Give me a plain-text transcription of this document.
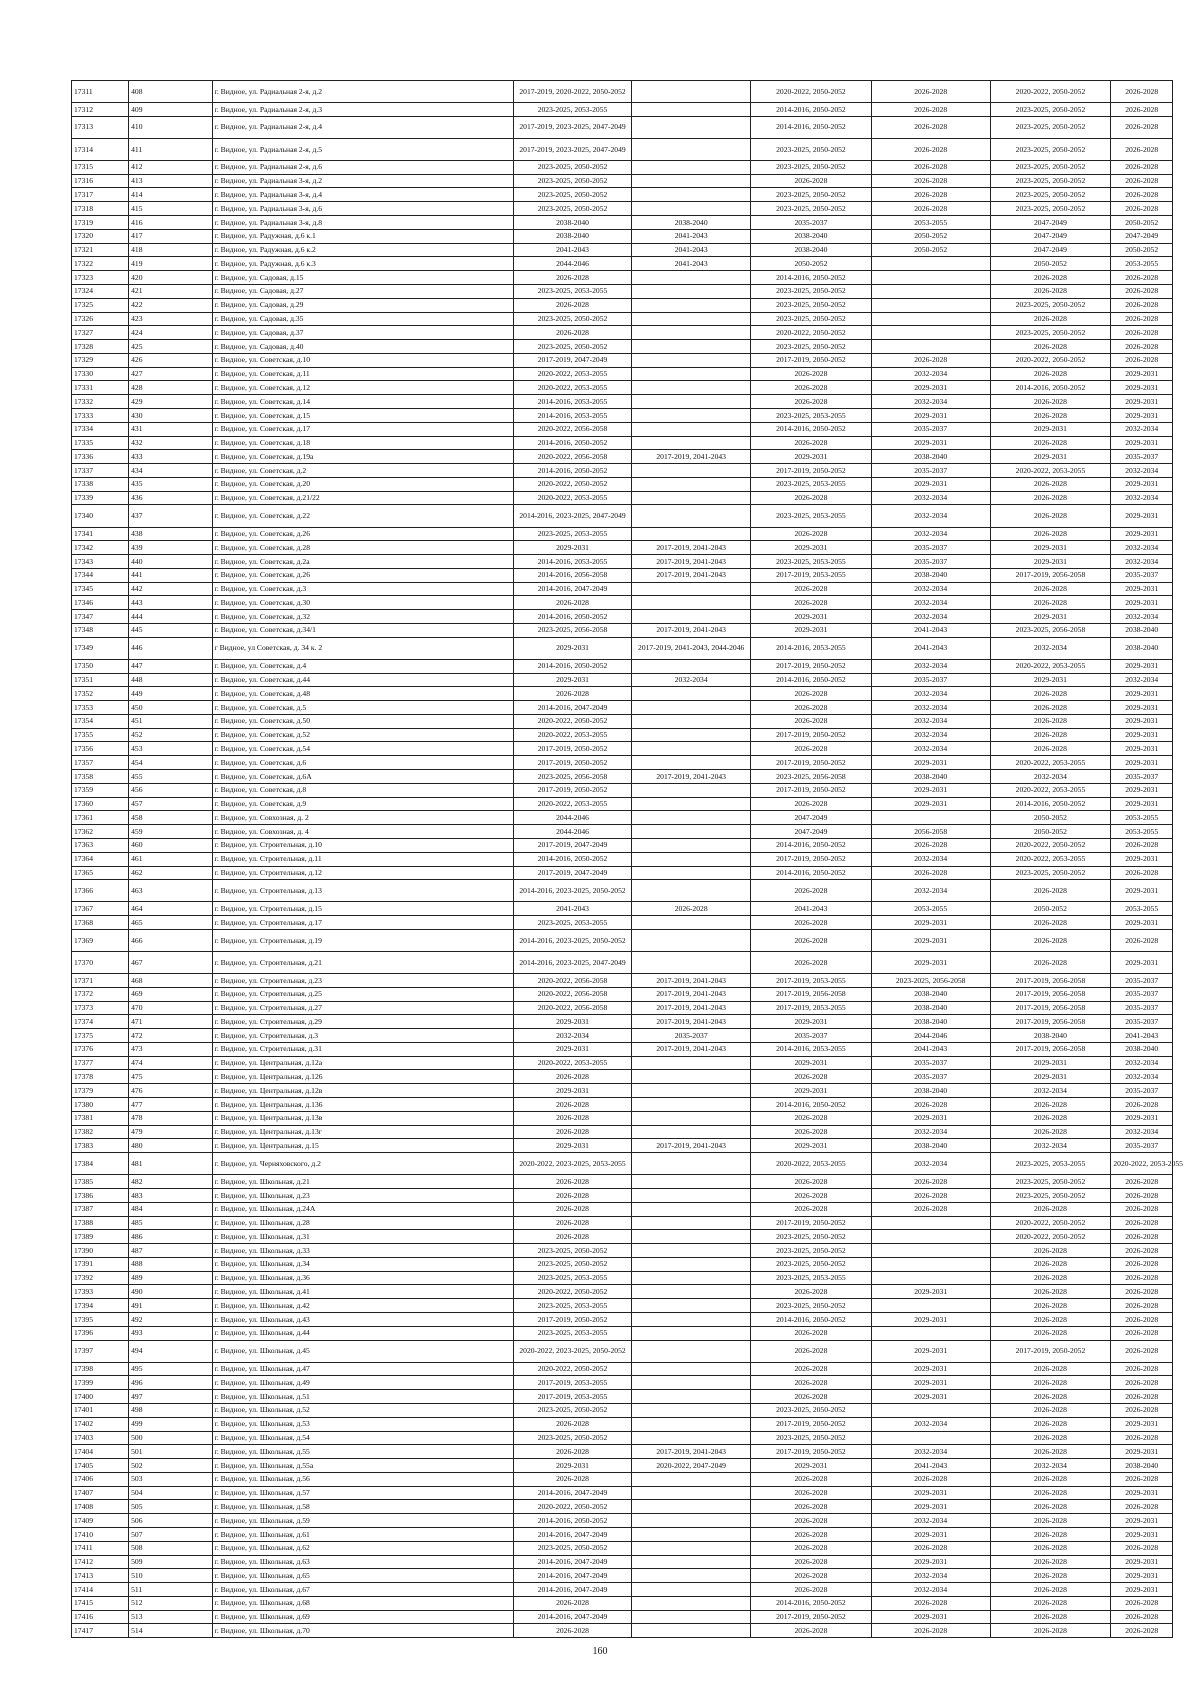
17311	408	г. Видное, ул. Радиальная 2-я, д.2	2017-2019, 2020-2022, 2050-2052		2020-2022, 2050-2052	2026-2028	2020-2022, 2050-2052	2026-2028
17312	409	г. Видное, ул. Радиальная 2-я, д.3	2023-2025, 2053-2055		2014-2016, 2050-2052	2026-2028	2023-2025, 2050-2052	2026-2028
17313	410	г. Видное, ул. Радиальная 2-я, д.4	2017-2019, 2023-2025, 2047-2049		2014-2016, 2050-2052	2026-2028	2023-2025, 2050-2052	2026-2028
17314	411	г. Видное, ул. Радиальная 2-я, д.5	2017-2019, 2023-2025, 2047-2049		2023-2025, 2050-2052	2026-2028	2023-2025, 2050-2052	2026-2028
17315	412	г. Видное, ул. Радиальная 2-я, д.6	2023-2025, 2050-2052		2023-2025, 2050-2052	2026-2028	2023-2025, 2050-2052	2026-2028
17316	413	г. Видное, ул. Радиальная 3-я, д.2	2023-2025, 2050-2052		2026-2028	2026-2028	2023-2025, 2050-2052	2026-2028
17317	414	г. Видное, ул. Радиальная 3-я, д.4	2023-2025, 2050-2052		2023-2025, 2050-2052	2026-2028	2023-2025, 2050-2052	2026-2028
17318	415	г. Видное, ул. Радиальная 3-я, д.6	2023-2025, 2050-2052		2023-2025, 2050-2052	2026-2028	2023-2025, 2050-2052	2026-2028
17319	416	г. Видное, ул. Радиальная 3-я, д.8	2038-2040	2038-2040	2035-2037	2053-2055	2047-2049	2050-2052
17320	417	г. Видное, ул. Радужная, д.6 к.1	2038-2040	2041-2043	2038-2040	2050-2052	2047-2049	2047-2049
17321	418	г. Видное, ул. Радужная, д.6 к.2	2041-2043	2041-2043	2038-2040	2050-2052	2047-2049	2050-2052
17322	419	г. Видное, ул. Радужная, д.6 к.3	2044-2046	2041-2043	2050-2052		2050-2052	2053-2055
17323	420	г. Видное, ул. Садовая, д.15	2026-2028		2014-2016, 2050-2052		2026-2028	2026-2028
17324	421	г. Видное, ул. Садовая, д.27	2023-2025, 2053-2055		2023-2025, 2050-2052		2026-2028	2026-2028
17325	422	г. Видное, ул. Садовая, д.29	2026-2028		2023-2025, 2050-2052		2023-2025, 2050-2052	2026-2028
17326	423	г. Видное, ул. Садовая, д.35	2023-2025, 2050-2052		2023-2025, 2050-2052		2026-2028	2026-2028
17327	424	г. Видное, ул. Садовая, д.37	2026-2028		2020-2022, 2050-2052		2023-2025, 2050-2052	2026-2028
17328	425	г. Видное, ул. Садовая, д.40	2023-2025, 2050-2052		2023-2025, 2050-2052		2026-2028	2026-2028
17329	426	г. Видное, ул. Советская, д.10	2017-2019, 2047-2049		2017-2019, 2050-2052	2026-2028	2020-2022, 2050-2052	2026-2028
17330	427	г. Видное, ул. Советская, д.11	2020-2022, 2053-2055		2026-2028	2032-2034	2026-2028	2029-2031
17331	428	г. Видное, ул. Советская, д.12	2020-2022, 2053-2055		2026-2028	2029-2031	2014-2016, 2050-2052	2029-2031
17332	429	г. Видное, ул. Советская, д.14	2014-2016, 2053-2055		2026-2028	2032-2034	2026-2028	2029-2031
17333	430	г. Видное, ул. Советская, д.15	2014-2016, 2053-2055		2023-2025, 2053-2055	2029-2031	2026-2028	2029-2031
17334	431	г. Видное, ул. Советская, д.17	2020-2022, 2056-2058		2014-2016, 2050-2052	2035-2037	2029-2031	2032-2034
17335	432	г. Видное, ул. Советская, д.18	2014-2016, 2050-2052		2026-2028	2029-2031	2026-2028	2029-2031
17336	433	г. Видное, ул. Советская, д.19а	2020-2022, 2056-2058	2017-2019, 2041-2043	2029-2031	2038-2040	2029-2031	2035-2037
17337	434	г. Видное, ул. Советская, д.2	2014-2016, 2050-2052		2017-2019, 2050-2052	2035-2037	2020-2022, 2053-2055	2032-2034
17338	435	г. Видное, ул. Советская, д.20	2020-2022, 2050-2052		2023-2025, 2053-2055	2029-2031	2026-2028	2029-2031
17339	436	г. Видное, ул. Советская, д.21/22	2020-2022, 2053-2055		2026-2028	2032-2034	2026-2028	2032-2034
17340	437	г. Видное, ул. Советская, д.22	2014-2016, 2023-2025, 2047-2049		2023-2025, 2053-2055	2032-2034	2026-2028	2029-2031
17341	438	г. Видное, ул. Советская, д.26	2023-2025, 2053-2055		2026-2028	2032-2034	2026-2028	2029-2031
17342	439	г. Видное, ул. Советская, д.28	2029-2031	2017-2019, 2041-2043	2029-2031	2035-2037	2029-2031	2032-2034
17343	440	г. Видное, ул. Советская, д.2а	2014-2016, 2053-2055	2017-2019, 2041-2043	2023-2025, 2053-2055	2035-2037	2029-2031	2032-2034
17344	441	г. Видное, ул. Советская, д.26	2014-2016, 2056-2058	2017-2019, 2041-2043	2017-2019, 2053-2055	2038-2040	2017-2019, 2056-2058	2035-2037
17345	442	г. Видное, ул. Советская, д.3	2014-2016, 2047-2049		2026-2028	2032-2034	2026-2028	2029-2031
17346	443	г. Видное, ул. Советская, д.30	2026-2028		2026-2028	2032-2034	2026-2028	2029-2031
17347	444	г. Видное, ул. Советская, д.32	2014-2016, 2050-2052		2029-2031	2032-2034	2029-2031	2032-2034
17348	445	г. Видное, ул. Советская, д.34/1	2023-2025, 2056-2058	2017-2019, 2041-2043	2029-2031	2041-2043	2023-2025, 2056-2058	2038-2040
17349	446	г Видное, ул Советская, д. 34 к. 2	2029-2031	2017-2019, 2041-2043, 2044-2046	2014-2016, 2053-2055	2041-2043	2032-2034	2038-2040
17350	447	г. Видное, ул. Советская, д.4	2014-2016, 2050-2052		2017-2019, 2050-2052	2032-2034	2020-2022, 2053-2055	2029-2031
17351	448	г. Видное, ул. Советская, д.44	2029-2031	2032-2034	2014-2016, 2050-2052	2035-2037	2029-2031	2032-2034
17352	449	г. Видное, ул. Советская, д.48	2026-2028		2026-2028	2032-2034	2026-2028	2029-2031
17353	450	г. Видное, ул. Советская, д.5	2014-2016, 2047-2049		2026-2028	2032-2034	2026-2028	2029-2031
17354	451	г. Видное, ул. Советская, д.50	2020-2022, 2050-2052		2026-2028	2032-2034	2026-2028	2029-2031
17355	452	г. Видное, ул. Советская, д.52	2020-2022, 2053-2055		2017-2019, 2050-2052	2032-2034	2026-2028	2029-2031
17356	453	г. Видное, ул. Советская, д.54	2017-2019, 2050-2052		2026-2028	2032-2034	2026-2028	2029-2031
17357	454	г. Видное, ул. Советская, д.6	2017-2019, 2050-2052		2017-2019, 2050-2052	2029-2031	2020-2022, 2053-2055	2029-2031
17358	455	г. Видное, ул. Советская, д.6А	2023-2025, 2056-2058	2017-2019, 2041-2043	2023-2025, 2056-2058	2038-2040	2032-2034	2035-2037
17359	456	г. Видное, ул. Советская, д.8	2017-2019, 2050-2052		2017-2019, 2050-2052	2029-2031	2020-2022, 2053-2055	2029-2031
17360	457	г. Видное, ул. Советская, д.9	2020-2022, 2053-2055		2026-2028	2029-2031	2014-2016, 2050-2052	2029-2031
17361	458	г. Видное, ул. Совхозная, д. 2	2044-2046		2047-2049		2050-2052	2053-2055
17362	459	г. Видное, ул. Совхозная, д. 4	2044-2046		2047-2049	2056-2058	2050-2052	2053-2055
17363	460	г. Видное, ул. Строительная, д.10	2017-2019, 2047-2049		2014-2016, 2050-2052	2026-2028	2020-2022, 2050-2052	2026-2028
17364	461	г. Видное, ул. Строительная, д.11	2014-2016, 2050-2052		2017-2019, 2050-2052	2032-2034	2020-2022, 2053-2055	2029-2031
17365	462	г. Видное, ул. Строительная, д.12	2017-2019, 2047-2049		2014-2016, 2050-2052	2026-2028	2023-2025, 2050-2052	2026-2028
17366	463	г. Видное, ул. Строительная, д.13	2014-2016, 2023-2025, 2050-2052		2026-2028	2032-2034	2026-2028	2029-2031
17367	464	г. Видное, ул. Строительная, д.15	2041-2043	2026-2028	2041-2043	2053-2055	2050-2052	2053-2055
17368	465	г. Видное, ул. Строительная, д.17	2023-2025, 2053-2055		2026-2028	2029-2031	2026-2028	2029-2031
17369	466	г. Видное, ул. Строительная, д.19	2014-2016, 2023-2025, 2050-2052		2026-2028	2029-2031	2026-2028	2026-2028
17370	467	г. Видное, ул. Строительная, д.21	2014-2016, 2023-2025, 2047-2049		2026-2028	2029-2031	2026-2028	2029-2031
17371	468	г. Видное, ул. Строительная, д.23	2020-2022, 2056-2058	2017-2019, 2041-2043	2017-2019, 2053-2055	2023-2025, 2056-2058	2017-2019, 2056-2058	2035-2037
17372	469	г. Видное, ул. Строительная, д.25	2020-2022, 2056-2058	2017-2019, 2041-2043	2017-2019, 2056-2058	2038-2040	2017-2019, 2056-2058	2035-2037
17373	470	г. Видное, ул. Строительная, д.27	2020-2022, 2056-2058	2017-2019, 2041-2043	2017-2019, 2053-2055	2038-2040	2017-2019, 2056-2058	2035-2037
17374	471	г. Видное, ул. Строительная, д.29	2029-2031	2017-2019, 2041-2043	2029-2031	2038-2040	2017-2019, 2056-2058	2035-2037
17375	472	г. Видное, ул. Строительная, д.3	2032-2034	2035-2037	2035-2037	2044-2046	2038-2040	2041-2043
17376	473	г. Видное, ул. Строительная, д.31	2029-2031	2017-2019, 2041-2043	2014-2016, 2053-2055	2041-2043	2017-2019, 2056-2058	2038-2040
17377	474	г. Видное, ул. Центральная, д.12а	2020-2022, 2053-2055		2029-2031	2035-2037	2029-2031	2032-2034
17378	475	г. Видное, ул. Центральная, д.126	2026-2028		2026-2028	2035-2037	2029-2031	2032-2034
17379	476	г. Видное, ул. Центральная, д.12в	2029-2031		2029-2031	2038-2040	2032-2034	2035-2037
17380	477	г. Видное, ул. Центральная, д.136	2026-2028		2014-2016, 2050-2052	2026-2028	2026-2028	2026-2028
17381	478	г. Видное, ул. Центральная, д.13в	2026-2028		2026-2028	2029-2031	2026-2028	2029-2031
17382	479	г. Видное, ул. Центральная, д.13г	2026-2028		2026-2028	2032-2034	2026-2028	2032-2034
17383	480	г. Видное, ул. Центральная, д.15	2029-2031	2017-2019, 2041-2043	2029-2031	2038-2040	2032-2034	2035-2037
17384	481	г. Видное, ул. Черняховского, д.2	2020-2022, 2023-2025, 2053-2055		2020-2022, 2053-2055	2032-2034	2023-2025, 2053-2055	2020-2022, 2053-2055
17385	482	г. Видное, ул. Школьная, д.21	2026-2028		2026-2028	2026-2028	2023-2025, 2050-2052	2026-2028
17386	483	г. Видное, ул. Школьная, д.23	2026-2028		2026-2028	2026-2028	2023-2025, 2050-2052	2026-2028
17387	484	г. Видное, ул. Школьная, д.24А	2026-2028		2026-2028	2026-2028	2026-2028	2026-2028
17388	485	г. Видное, ул. Школьная, д.28	2026-2028		2017-2019, 2050-2052		2020-2022, 2050-2052	2026-2028
17389	486	г. Видное, ул. Школьная, д.31	2026-2028		2023-2025, 2050-2052		2020-2022, 2050-2052	2026-2028
17390	487	г. Видное, ул. Школьная, д.33	2023-2025, 2050-2052		2023-2025, 2050-2052		2026-2028	2026-2028
17391	488	г. Видное, ул. Школьная, д.34	2023-2025, 2050-2052		2023-2025, 2050-2052		2026-2028	2026-2028
17392	489	г. Видное, ул. Школьная, д.36	2023-2025, 2053-2055		2023-2025, 2053-2055		2026-2028	2026-2028
17393	490	г. Видное, ул. Школьная, д.41	2020-2022, 2050-2052		2026-2028	2029-2031	2026-2028	2026-2028
17394	491	г. Видное, ул. Школьная, д.42	2023-2025, 2053-2055		2023-2025, 2050-2052		2026-2028	2026-2028
17395	492	г. Видное, ул. Школьная, д.43	2017-2019, 2050-2052		2014-2016, 2050-2052	2029-2031	2026-2028	2026-2028
17396	493	г. Видное, ул. Школьная, д.44	2023-2025, 2053-2055		2026-2028		2026-2028	2026-2028
17397	494	г. Видное, ул. Школьная, д.45	2020-2022, 2023-2025, 2050-2052		2026-2028	2029-2031	2017-2019, 2050-2052	2026-2028
17398	495	г. Видное, ул. Школьная, д.47	2020-2022, 2050-2052		2026-2028	2029-2031	2026-2028	2026-2028
17399	496	г. Видное, ул. Школьная, д.49	2017-2019, 2053-2055		2026-2028	2029-2031	2026-2028	2026-2028
17400	497	г. Видное, ул. Школьная, д.51	2017-2019, 2053-2055		2026-2028	2029-2031	2026-2028	2026-2028
17401	498	г. Видное, ул. Школьная, д.52	2023-2025, 2050-2052		2023-2025, 2050-2052		2026-2028	2026-2028
17402	499	г. Видное, ул. Школьная, д.53	2026-2028		2017-2019, 2050-2052	2032-2034	2026-2028	2029-2031
17403	500	г. Видное, ул. Школьная, д.54	2023-2025, 2050-2052		2023-2025, 2050-2052		2026-2028	2026-2028
17404	501	г. Видное, ул. Школьная, д.55	2026-2028	2017-2019, 2041-2043	2017-2019, 2050-2052	2032-2034	2026-2028	2029-2031
17405	502	г. Видное, ул. Школьная, д.55а	2029-2031	2020-2022, 2047-2049	2029-2031	2041-2043	2032-2034	2038-2040
17406	503	г. Видное, ул. Школьная, д.56	2026-2028		2026-2028	2026-2028	2026-2028	2026-2028
17407	504	г. Видное, ул. Школьная, д.57	2014-2016, 2047-2049		2026-2028	2029-2031	2026-2028	2029-2031
17408	505	г. Видное, ул. Школьная, д.58	2020-2022, 2050-2052		2026-2028	2029-2031	2026-2028	2026-2028
17409	506	г. Видное, ул. Школьная, д.59	2014-2016, 2050-2052		2026-2028	2032-2034	2026-2028	2029-2031
17410	507	г. Видное, ул. Школьная, д.61	2014-2016, 2047-2049		2026-2028	2029-2031	2026-2028	2029-2031
17411	508	г. Видное, ул. Школьная, д.62	2023-2025, 2050-2052		2026-2028	2026-2028	2026-2028	2026-2028
17412	509	г. Видное, ул. Школьная, д.63	2014-2016, 2047-2049		2026-2028	2029-2031	2026-2028	2029-2031
17413	510	г. Видное, ул. Школьная, д.65	2014-2016, 2047-2049		2026-2028	2032-2034	2026-2028	2029-2031
17414	511	г. Видное, ул. Школьная, д.67	2014-2016, 2047-2049		2026-2028	2032-2034	2026-2028	2029-2031
17415	512	г. Видное, ул. Школьная, д.68	2026-2028		2014-2016, 2050-2052	2026-2028	2026-2028	2026-2028
17416	513	г. Видное, ул. Школьная, д.69	2014-2016, 2047-2049		2017-2019, 2050-2052	2029-2031	2026-2028	2026-2028
17417	514	г. Видное, ул. Школьная, д.70	2026-2028		2026-2028	2026-2028	2026-2028	2026-2028
160
